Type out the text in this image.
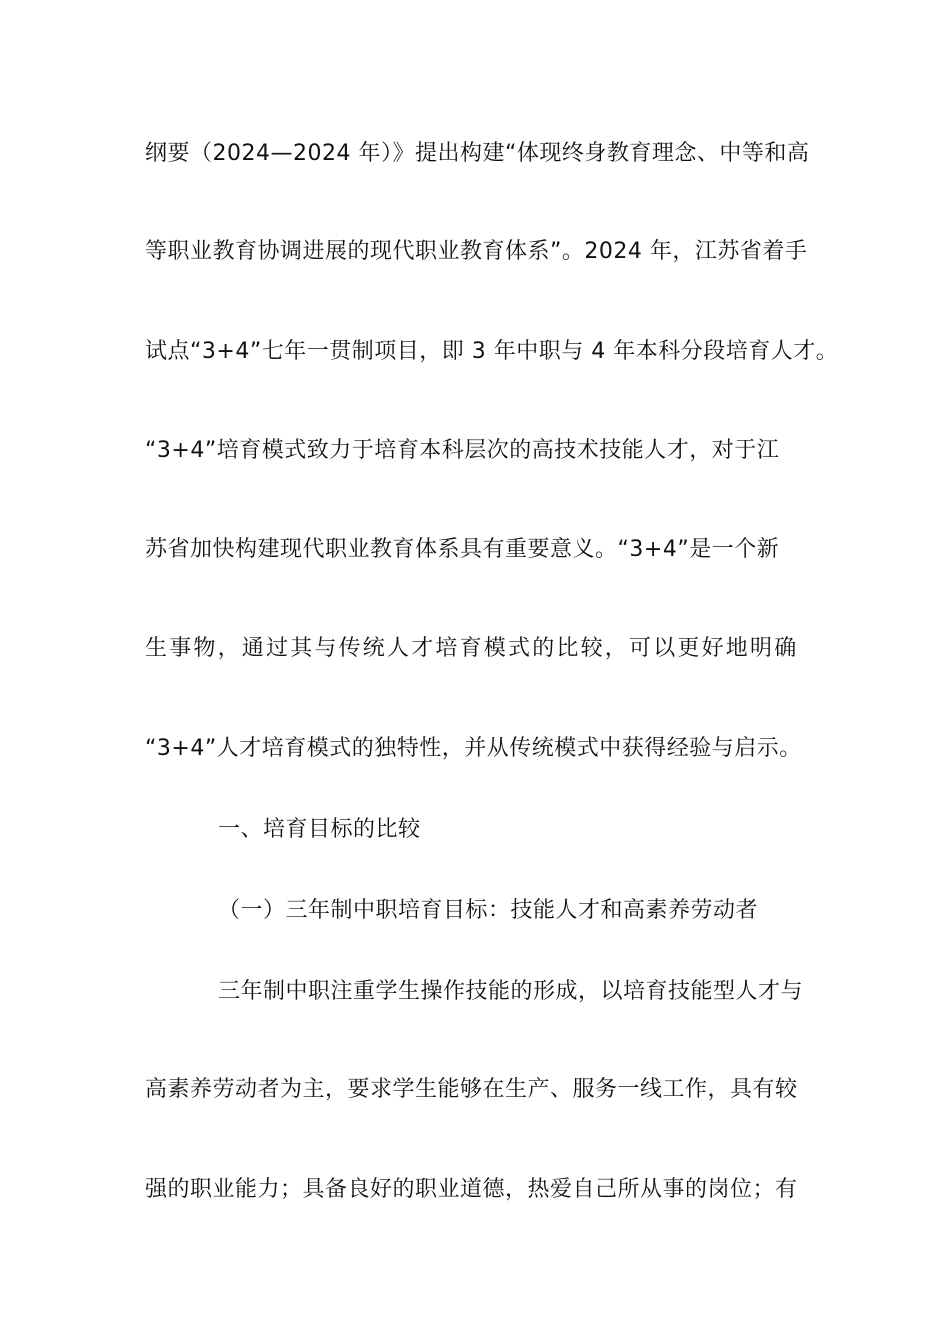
纲要（2024—2024 年）》提出构建“体现终身教育理念、中等和高
等职业教育协调进展的现代职业教育体系”。2024 年，江苏省着手
试点“3+4”七年一贯制项目，即 3 年中职与 4 年本科分段培育人才。
“3+4”培育模式致力于培育本科层次的高技术技能人才，对于江
苏省加快构建现代职业教育体系具有重要意义。“3+4”是一个新
生事物，通过其与传统人才培育模式的比较，可以更好地明确
“3+4”人才培育模式的独特性，并从传统模式中获得经验与启示。
一、培育目标的比较
（一）三年制中职培育目标：技能人才和高素养劳动者
三年制中职注重学生操作技能的形成，以培育技能型人才与
高素养劳动者为主，要求学生能够在生产、服务一线工作，具有较
强的职业能力；具备良好的职业道德，热爱自己所从事的岗位；有
